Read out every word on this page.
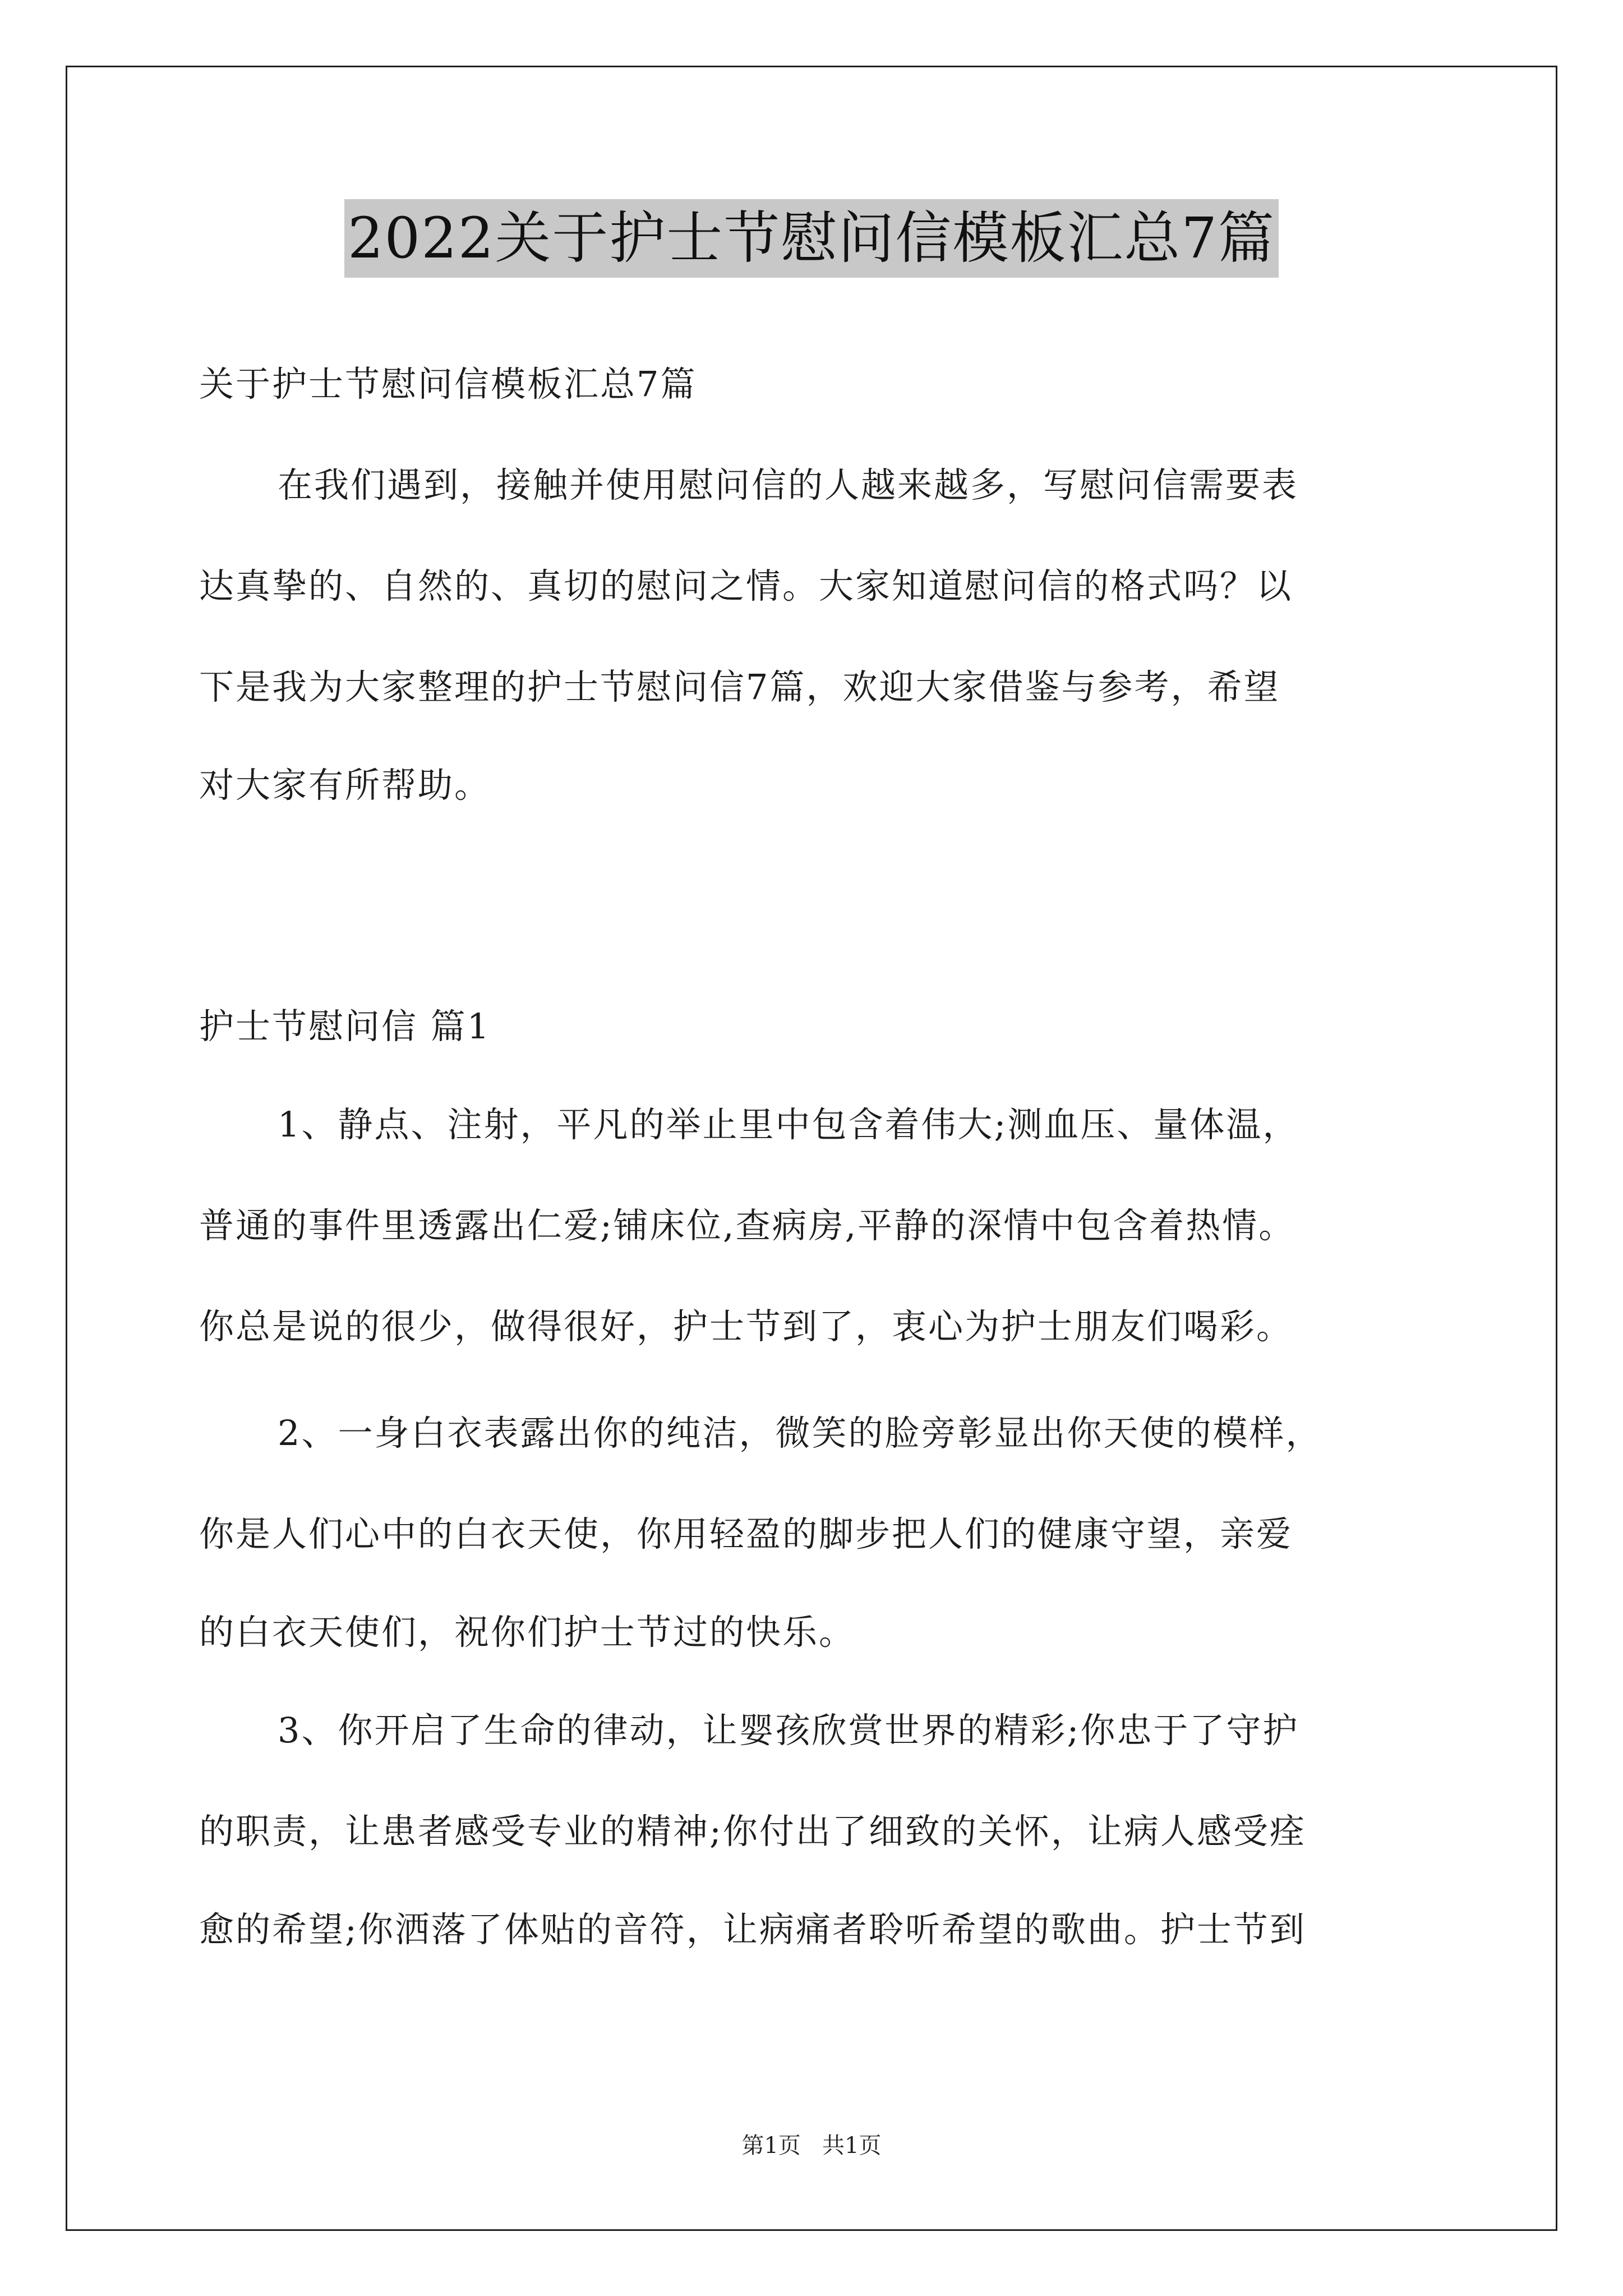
2022关于护士节慰问信模板汇总7篇
关于护士节慰问信模板汇总7篇
在我们遇到，接触并使用慰问信的人越来越多，写慰问信需要表
达真挚的、自然的、真切的慰问之情。大家知道慰问信的格式吗？以
下是我为大家整理的护士节慰问信7篇，欢迎大家借鉴与参考，希望
对大家有所帮助。
护士节慰问信 篇1
1、静点、注射，平凡的举止里中包含着伟大;测血压、量体温，
普通的事件里透露出仁爱;铺床位,查病房,平静的深情中包含着热情。
你总是说的很少，做得很好，护士节到了，衷心为护士朋友们喝彩。
2、一身白衣表露出你的纯洁，微笑的脸旁彰显出你天使的模样，
你是人们心中的白衣天使，你用轻盈的脚步把人们的健康守望，亲爱
的白衣天使们，祝你们护士节过的快乐。
3、你开启了生命的律动，让婴孩欣赏世界的精彩;你忠于了守护
的职责，让患者感受专业的精神;你付出了细致的关怀，让病人感受痊
愈的希望;你洒落了体贴的音符，让病痛者聆听希望的歌曲。护士节到
第1页   共1页
